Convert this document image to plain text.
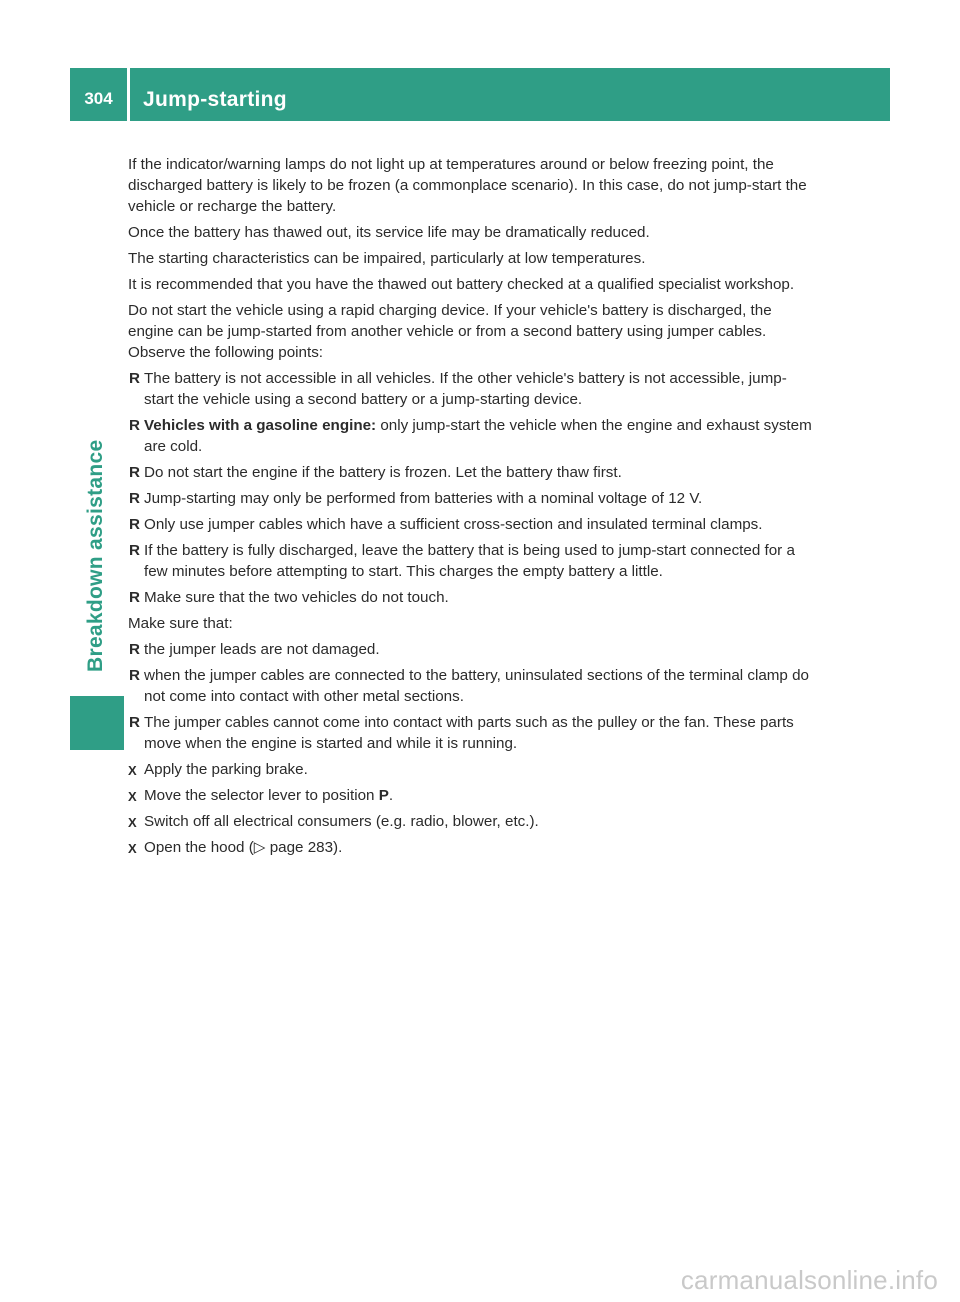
304	Jump-starting
Breakdown assistance

If the indicator/warning lamps do not light up at temperatures around or below freezing point, the discharged battery is likely to be frozen (a commonplace scenario). In this case, do not jump-start the vehicle or recharge the battery.

Once the battery has thawed out, its service life may be dramatically reduced.

The starting characteristics can be impaired, particularly at low temperatures.

It is recommended that you have the thawed out battery checked at a qualified specialist workshop.

Do not start the vehicle using a rapid charging device. If your vehicle's battery is discharged, the engine can be jump-started from another vehicle or from a second battery using jumper cables. Observe the following points:

R The battery is not accessible in all vehicles. If the other vehicle's battery is not accessible, jump-start the vehicle using a second battery or a jump-starting device.
R Vehicles with a gasoline engine: only jump-start the vehicle when the engine and exhaust system are cold.
R Do not start the engine if the battery is frozen. Let the battery thaw first.
R Jump-starting may only be performed from batteries with a nominal voltage of 12 V.
R Only use jumper cables which have a sufficient cross-section and insulated terminal clamps.
R If the battery is fully discharged, leave the battery that is being used to jump-start connected for a few minutes before attempting to start. This charges the empty battery a little.
R Make sure that the two vehicles do not touch.

Make sure that:

R the jumper leads are not damaged.
R when the jumper cables are connected to the battery, uninsulated sections of the terminal clamp do not come into contact with other metal sections.
R The jumper cables cannot come into contact with parts such as the pulley or the fan. These parts move when the engine is started and while it is running.
X Apply the parking brake.
X Move the selector lever to position P.
X Switch off all electrical consumers (e.g. radio, blower, etc.).
X Open the hood (▷ page 283).
carmanualsonline.info
